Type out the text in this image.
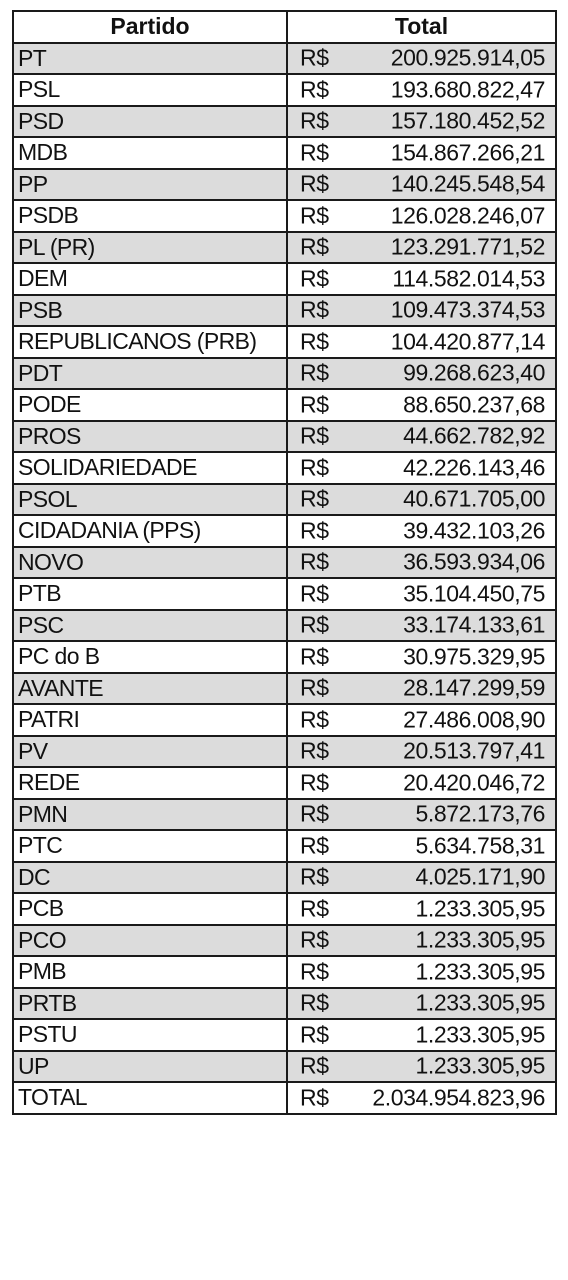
Partido	Total
PT	R$ 200.925.914,05

PSL	R$ 193.680.822,47

PSD	R$ 157.180.452,52

MDB	R$ 154.867.266,21

PP	R$ 140.245.548,54

PSDB	R$ 126.028.246,07

PL (PR)	R$ 123.291.771,52

DEM	R$ 114.582.014,53

PSB	R$ 109.473.374,53

REPUBLICANOS (PRB)	R$ 104.420.877,14

PDT	R$ 99.268.623,40

PODE	R$ 88.650.237,68

PROS	R$ 44.662.782,92

SOLIDARIEDADE	R$ 42.226.143,46

PSOL	R$ 40.671.705,00

CIDADANIA (PPS)	R$ 39.432.103,26

NOVO	R$ 36.593.934,06

PTB	R$ 35.104.450,75

PSC	R$ 33.174.133,61

PC do B	R$ 30.975.329,95

AVANTE	R$ 28.147.299,59

PATRI	R$ 27.486.008,90

PV	R$ 20.513.797,41

REDE	R$ 20.420.046,72

PMN	R$ 5.872.173,76

PTC	R$ 5.634.758,31

DC	R$ 4.025.171,90

PCB	R$ 1.233.305,95

PCO	R$ 1.233.305,95

PMB	R$ 1.233.305,95

PRTB	R$ 1.233.305,95

PSTU	R$ 1.233.305,95

UP	R$ 1.233.305,95

TOTAL	R$ 2.034.954.823,96
